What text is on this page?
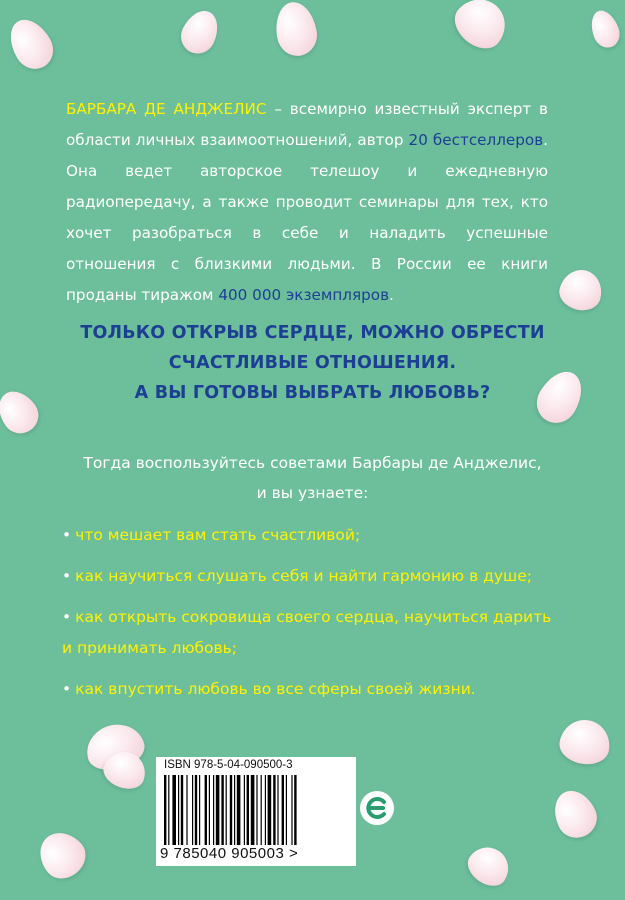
БАРБАРА ДЕ АНДЖЕЛИС – всемирно известный эксперт в области личных взаимоотношений, автор 20 бестселлеров. Она ведет авторское телешоу и ежедневную радиопередачу, а также проводит семинары для тех, кто хочет разобраться в себе и наладить успешные отношения с близкими людьми. В России ее книги проданы тиражом 400 000 экземпляров.

ТОЛЬКО ОТКРЫВ СЕРДЦЕ, МОЖНО ОБРЕСТИ
СЧАСТЛИВЫЕ ОТНОШЕНИЯ.
А ВЫ ГОТОВЫ ВЫБРАТЬ ЛЮБОВЬ?
Тогда воспользуйтесь советами Барбары де Анджелис,
и вы узнаете:
• что мешает вам стать счастливой;
• как научиться слушать себя и найти гармонию в душе;
• как открыть сокровища своего сердца, научиться дарить и принимать любовь;
• как впустить любовь во все сферы своей жизни.
ISBN 978-5-04-090500-3
9 785040 905003 >
